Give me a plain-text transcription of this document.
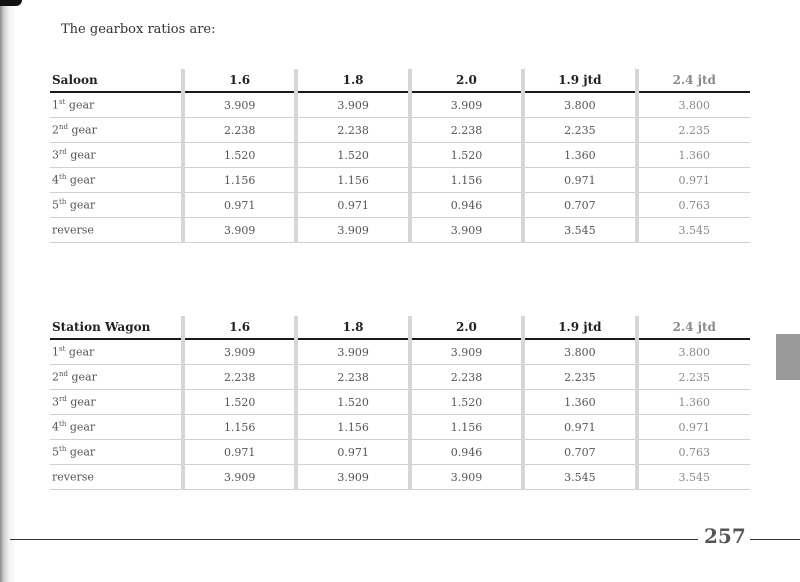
The gearbox ratios are:
Saloon	1.6	1.8	2.0	1.9 jtd	2.4 jtd
1st gear	3.909	3.909	3.909	3.800	3.800
2nd gear	2.238	2.238	2.238	2.235	2.235
3rd gear	1.520	1.520	1.520	1.360	1.360
4th gear	1.156	1.156	1.156	0.971	0.971
5th gear	0.971	0.971	0.946	0.707	0.763
reverse	3.909	3.909	3.909	3.545	3.545
Station Wagon	1.6	1.8	2.0	1.9 jtd	2.4 jtd
1st gear	3.909	3.909	3.909	3.800	3.800
2nd gear	2.238	2.238	2.238	2.235	2.235
3rd gear	1.520	1.520	1.520	1.360	1.360
4th gear	1.156	1.156	1.156	0.971	0.971
5th gear	0.971	0.971	0.946	0.707	0.763
reverse	3.909	3.909	3.909	3.545	3.545
257
